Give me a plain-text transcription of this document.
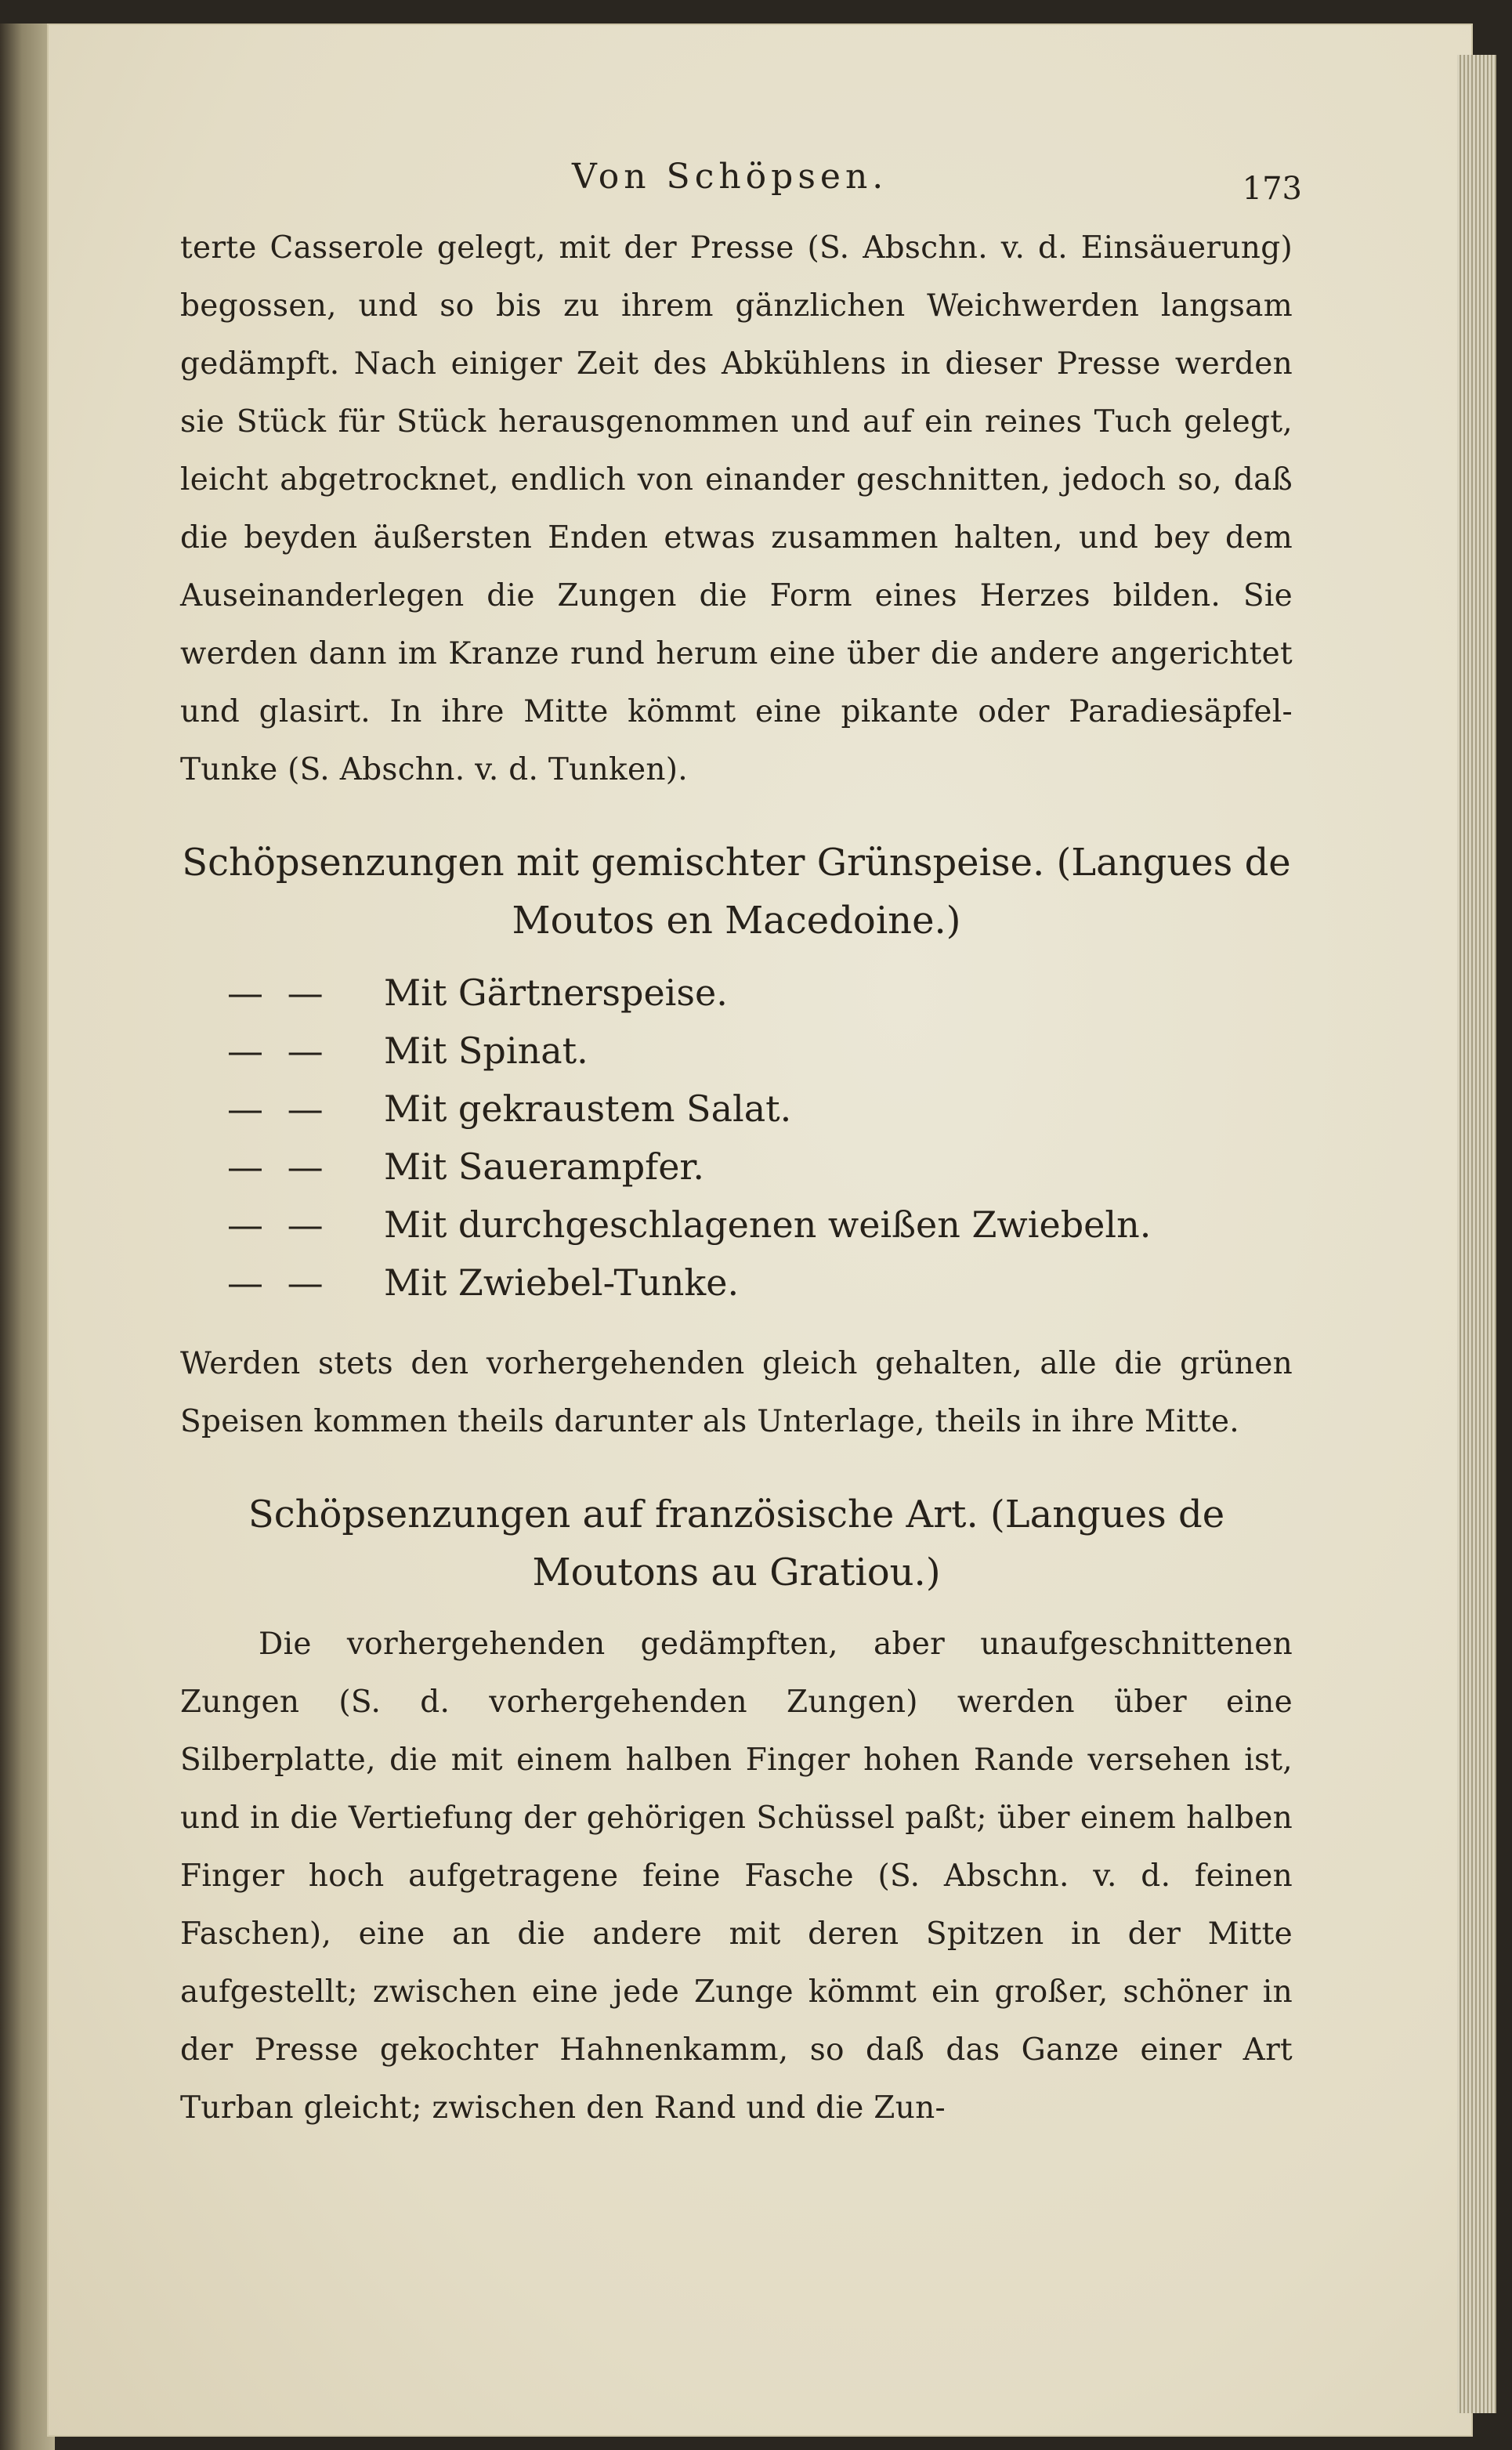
Von Schöpsen.	173

terte Casserole gelegt, mit der Presse (S. Abschn. v. d. Einsäuerung) begossen, und so bis zu ihrem gänzlichen Weichwerden langsam gedämpft. Nach einiger Zeit des Abkühlens in dieser Presse werden sie Stück für Stück herausgenommen und auf ein reines Tuch gelegt, leicht abgetrocknet, endlich von einander geschnitten, jedoch so, daß die beyden äußersten Enden etwas zusammen halten, und bey dem Auseinanderlegen die Zungen die Form eines Herzes bilden. Sie werden dann im Kranze rund herum eine über die andere angerichtet und glasirt. In ihre Mitte kömmt eine pikante oder Paradiesäpfel-Tunke (S. Abschn. v. d. Tunken).

Schöpsenzungen mit gemischter Grünspeise. (Langues de Moutos en Macedoine.)
— —	Mit Gärtnerspeise.
— —	Mit Spinat.
— —	Mit gekraustem Salat.
— —	Mit Sauerampfer.
— —	Mit durchgeschlagenen weißen Zwiebeln.
— —	Mit Zwiebel-Tunke.

Werden stets den vorhergehenden gleich gehalten, alle die grünen Speisen kommen theils darunter als Unterlage, theils in ihre Mitte.

Schöpsenzungen auf französische Art. (Langues de Moutons au Gratiou.)

Die vorhergehenden gedämpften, aber unaufgeschnittenen Zungen (S. d. vorhergehenden Zungen) werden über eine Silberplatte, die mit einem halben Finger hohen Rande versehen ist, und in die Vertiefung der gehörigen Schüssel paßt; über einem halben Finger hoch aufgetragene feine Fasche (S. Abschn. v. d. feinen Faschen), eine an die andere mit deren Spitzen in der Mitte aufgestellt; zwischen eine jede Zunge kömmt ein großer, schöner in der Presse gekochter Hahnenkamm, so daß das Ganze einer Art Turban gleicht; zwischen den Rand und die Zun-
